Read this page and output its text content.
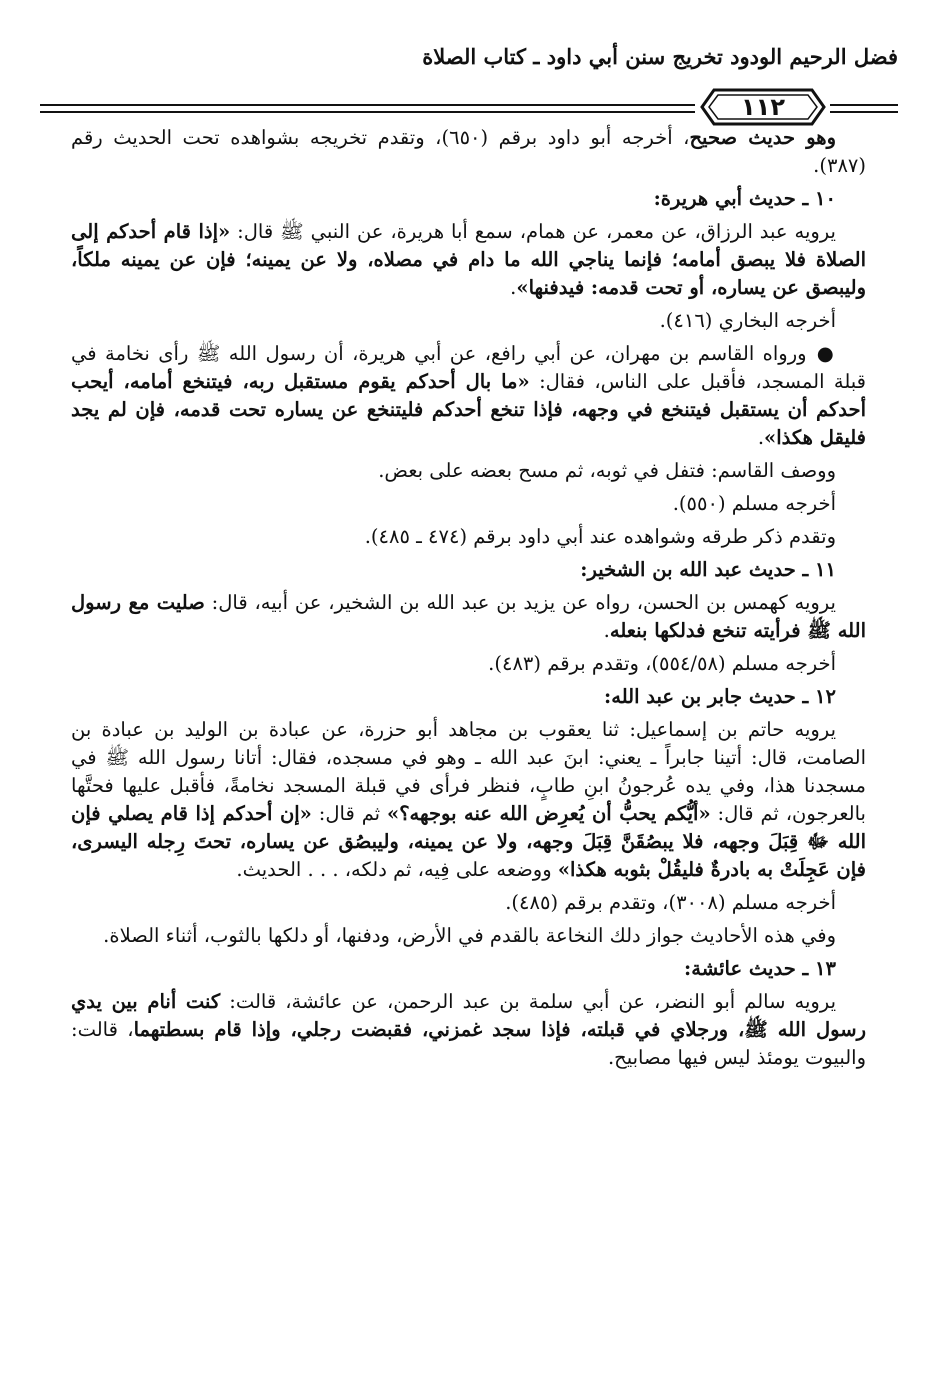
فضل الرحيم الودود تخريج سنن أبي داود ـ كتاب الصلاة
١١٢

وهو حديث صحيح، أخرجه أبو داود برقم (٦٥٠)، وتقدم تخريجه بشواهده تحت الحديث رقم (٣٨٧).

١٠ ـ حديث أبي هريرة:

يرويه عبد الرزاق، عن معمر، عن همام، سمع أبا هريرة، عن النبي ﷺ قال: «إذا قام أحدكم إلى الصلاة فلا يبصق أمامه؛ فإنما يناجي الله ما دام في مصلاه، ولا عن يمينه؛ فإن عن يمينه ملكاً، وليبصق عن يساره، أو تحت قدمه: فيدفنها».

أخرجه البخاري (٤١٦).

● ورواه القاسم بن مهران، عن أبي رافع، عن أبي هريرة، أن رسول الله ﷺ رأى نخامة في قبلة المسجد، فأقبل على الناس، فقال: «ما بال أحدكم يقوم مستقبل ربه، فيتنخع أمامه، أيحب أحدكم أن يستقبل فيتنخع في وجهه، فإذا تنخع أحدكم فليتنخع عن يساره تحت قدمه، فإن لم يجد فليقل هكذا».

ووصف القاسم: فتفل في ثوبه، ثم مسح بعضه على بعض.

أخرجه مسلم (٥٥٠).

وتقدم ذكر طرقه وشواهده عند أبي داود برقم (٤٧٤ ـ ٤٨٥).

١١ ـ حديث عبد الله بن الشخير:

يرويه كهمس بن الحسن، رواه عن يزيد بن عبد الله بن الشخير، عن أبيه، قال: صليت مع رسول الله ﷺ فرأيته تنخع فدلكها بنعله.

أخرجه مسلم (٥٥٤/٥٨)، وتقدم برقم (٤٨٣).

١٢ ـ حديث جابر بن عبد الله:

يرويه حاتم بن إسماعيل: ثنا يعقوب بن مجاهد أبو حزرة، عن عبادة بن الوليد بن عبادة بن الصامت، قال: أتينا جابراً ـ يعني: ابنَ عبد الله ـ وهو في مسجده، فقال: أتانا رسول الله ﷺ في مسجدنا هذا، وفي يده عُرجونُ ابنِ طابٍ، فنظر فرأى في قبلة المسجد نخامةً، فأقبل عليها فحتَّها بالعرجون، ثم قال: «أيُّكم يحبُّ أن يُعرِض الله عنه بوجهه؟» ثم قال: «إن أحدكم إذا قام يصلي فإن الله ﷻ قِبَلَ وجهه، فلا يبصُقَنَّ قِبَلَ وجهه، ولا عن يمينه، وليبصُق عن يساره، تحتَ رِجله اليسرى، فإن عَجِلَتْ به بادرةٌ فليقُلْ بثوبه هكذا» ووضعه على فِيه، ثم دلكه، . . . الحديث.

أخرجه مسلم (٣٠٠٨)، وتقدم برقم (٤٨٥).

وفي هذه الأحاديث جواز دلك النخاعة بالقدم في الأرض، ودفنها، أو دلكها بالثوب، أثناء الصلاة.

١٣ ـ حديث عائشة:

يرويه سالم أبو النضر، عن أبي سلمة بن عبد الرحمن، عن عائشة، قالت: كنت أنام بين يدي رسول الله ﷺ، ورجلاي في قبلته، فإذا سجد غمزني، فقبضت رجلي، وإذا قام بسطتهما، قالت: والبيوت يومئذ ليس فيها مصابيح.
